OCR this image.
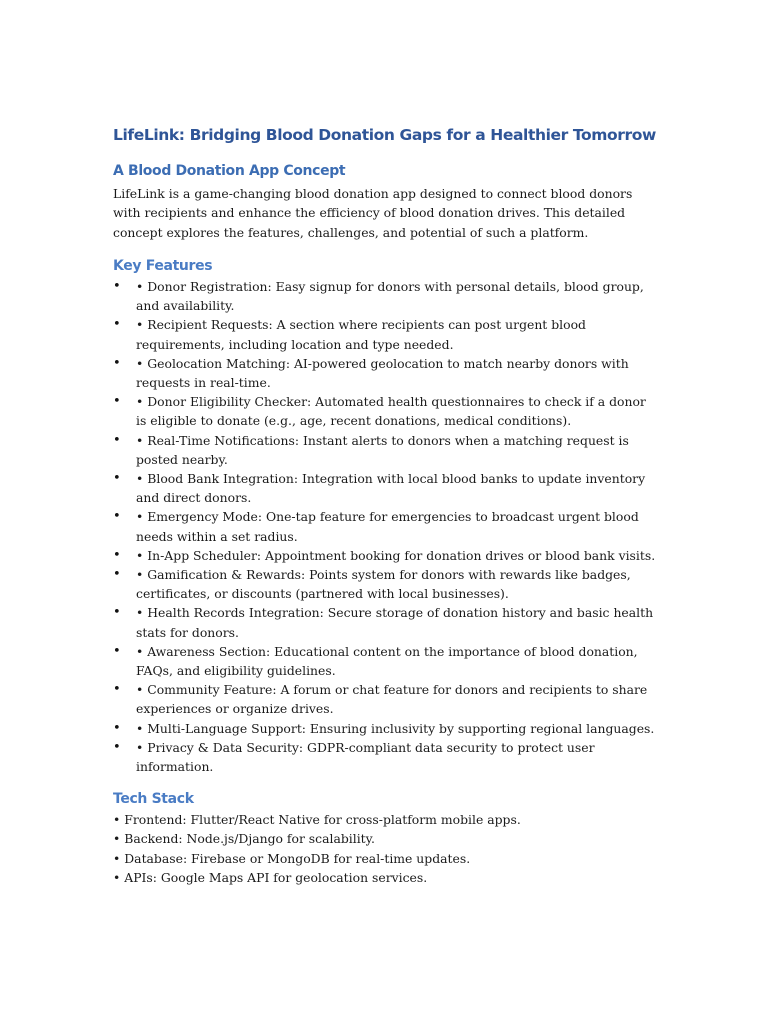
LifeLink: Bridging Blood Donation Gaps for a Healthier Tomorrow
A Blood Donation App Concept

LifeLink is a game-changing blood donation app designed to connect blood donors with recipients and enhance the efficiency of blood donation drives. This detailed concept explores the features, challenges, and potential of such a platform.

Key Features
• • Donor Registration: Easy signup for donors with personal details, blood group, and availability.
• • Recipient Requests: A section where recipients can post urgent blood requirements, including location and type needed.
• • Geolocation Matching: AI-powered geolocation to match nearby donors with requests in real-time.
• • Donor Eligibility Checker: Automated health questionnaires to check if a donor is eligible to donate (e.g., age, recent donations, medical conditions).
• • Real-Time Notifications: Instant alerts to donors when a matching request is posted nearby.
• • Blood Bank Integration: Integration with local blood banks to update inventory and direct donors.
• • Emergency Mode: One-tap feature for emergencies to broadcast urgent blood needs within a set radius.
• • In-App Scheduler: Appointment booking for donation drives or blood bank visits.
• • Gamification & Rewards: Points system for donors with rewards like badges, certificates, or discounts (partnered with local businesses).
• • Health Records Integration: Secure storage of donation history and basic health stats for donors.
• • Awareness Section: Educational content on the importance of blood donation, FAQs, and eligibility guidelines.
• • Community Feature: A forum or chat feature for donors and recipients to share experiences or organize drives.
• • Multi-Language Support: Ensuring inclusivity by supporting regional languages.
• • Privacy & Data Security: GDPR-compliant data security to protect user information.
Tech Stack

• Frontend: Flutter/React Native for cross-platform mobile apps.

• Backend: Node.js/Django for scalability.

• Database: Firebase or MongoDB for real-time updates.

• APIs: Google Maps API for geolocation services.
